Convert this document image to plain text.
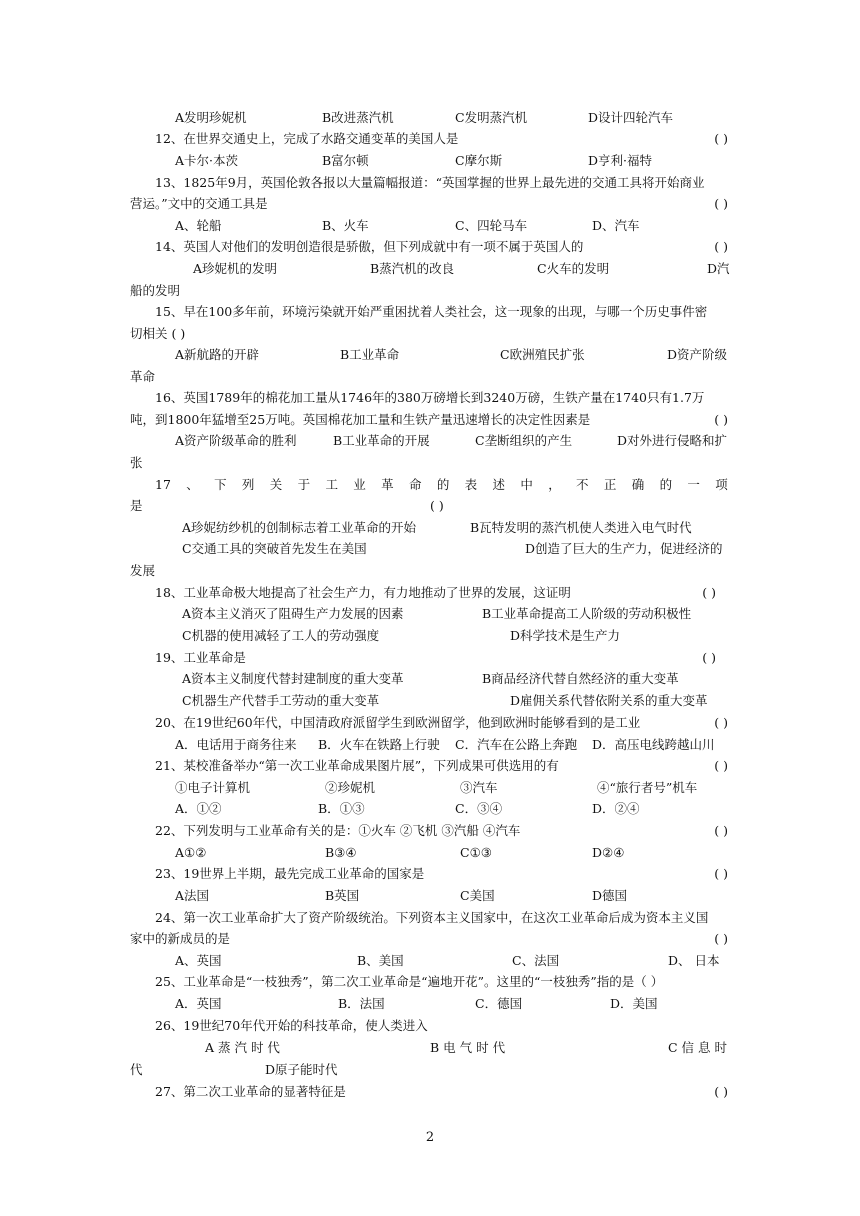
A发明珍妮机	B改进蒸汽机	C发明蒸汽机	D设计四轮汽车
12、在世界交通史上，完成了水路交通变革的美国人是	( )
A卡尔·本茨	B富尔顿	C摩尔斯	D亨利·福特
13、1825年9月，英国伦敦各报以大量篇幅报道：“英国掌握的世界上最先进的交通工具将开始商业
营运。”文中的交通工具是	( )
A、轮船	B、火车	C、四轮马车	D、汽车
14、英国人对他们的发明创造很是骄傲，但下列成就中有一项不属于英国人的	( )
A珍妮机的发明	B蒸汽机的改良	C火车的发明	D汽
船的发明
15、早在100多年前，环境污染就开始严重困扰着人类社会，这一现象的出现，与哪一个历史事件密
切相关 ( )
A新航路的开辟	B工业革命	C欧洲殖民扩张	D资产阶级
革命
16、英国1789年的棉花加工量从1746年的380万磅增长到3240万磅，生铁产量在1740只有1.7万
吨，到1800年猛增至25万吨。英国棉花加工量和生铁产量迅速增长的决定性因素是	( )
A资产阶级革命的胜利	B工业革命的开展	C垄断组织的产生	D对外进行侵略和扩
张
17 、 下 列 关 于 工 业 革 命 的 表 述 中 ， 不 正 确 的 一 项
是	( )
A珍妮纺纱机的创制标志着工业革命的开始	B瓦特发明的蒸汽机使人类进入电气时代
C交通工具的突破首先发生在美国	D创造了巨大的生产力，促进经济的
发展
18、工业革命极大地提高了社会生产力，有力地推动了世界的发展，这证明	( )
A资本主义消灭了阻碍生产力发展的因素	B工业革命提高工人阶级的劳动积极性
C机器的使用减轻了工人的劳动强度	D科学技术是生产力
19、工业革命是	( )
A资本主义制度代替封建制度的重大变革	B商品经济代替自然经济的重大变革
C机器生产代替手工劳动的重大变革	D雇佣关系代替依附关系的重大变革
20、在19世纪60年代，中国清政府派留学生到欧洲留学，他到欧洲时能够看到的是工业	( )
A．电话用于商务往来 B．火车在铁路上行驶 C．汽车在公路上奔跑 D．高压电线跨越山川
21、某校准备举办“第一次工业革命成果图片展”，下列成果可供选用的有	( )
①电子计算机	②珍妮机	③汽车	④“旅行者号”机车
A．①②	B．①③	C．③④	D．②④
22、下列发明与工业革命有关的是：①火车 ②飞机 ③汽船 ④汽车	( )
A①②	B③④	C①③	D②④
23、19世界上半期，最先完成工业革命的国家是	( )
A法国	B英国	C美国	D德国
24、第一次工业革命扩大了资产阶级统治。下列资本主义国家中，在这次工业革命后成为资本主义国
家中的新成员的是	( )
A、英国	B、美国	C、法国	D、 日本
25、工业革命是“一枝独秀”，第二次工业革命是“遍地开花”。这里的“一枝独秀”指的是（ ）
A．英国	B．法国	C．德国	D．美国
26、19世纪70年代开始的科技革命，使人类进入
A 蒸 汽 时 代	B 电 气 时 代	C 信 息 时
代	D原子能时代
27、第二次工业革命的显著特征是	( )
2
